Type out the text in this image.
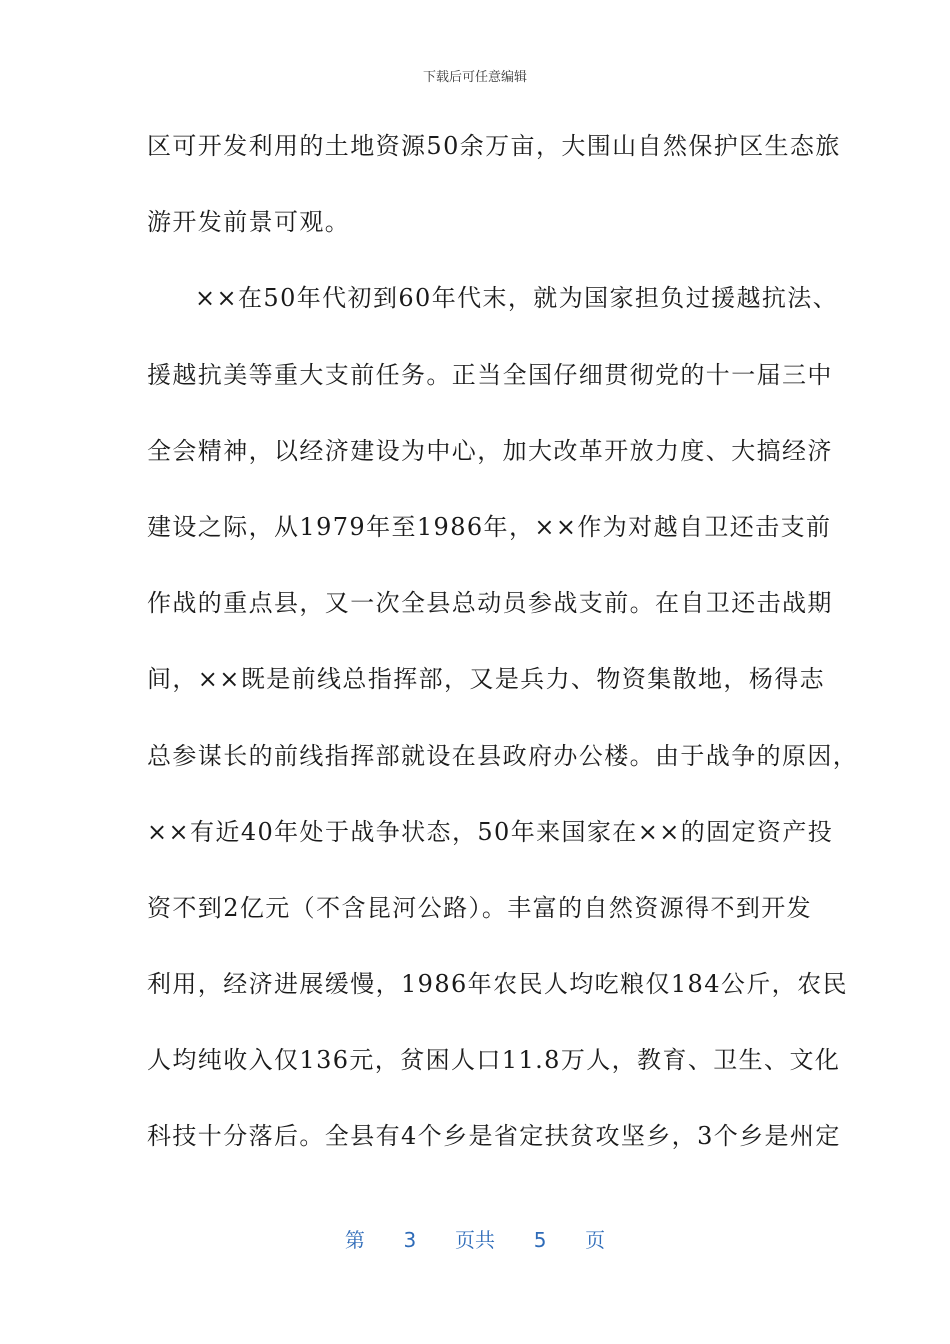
下载后可任意编辑
区可开发利用的土地资源50余万亩，大围山自然保护区生态旅
游开发前景可观。
××在50年代初到60年代末，就为国家担负过援越抗法、
援越抗美等重大支前任务。正当全国仔细贯彻党的十一届三中
全会精神，以经济建设为中心，加大改革开放力度、大搞经济
建设之际，从1979年至1986年，××作为对越自卫还击支前
作战的重点县，又一次全县总动员参战支前。在自卫还击战期
间，××既是前线总指挥部，又是兵力、物资集散地，杨得志
总参谋长的前线指挥部就设在县政府办公楼。由于战争的原因，
××有近40年处于战争状态，50年来国家在××的固定资产投
资不到2亿元（不含昆河公路）。丰富的自然资源得不到开发
利用，经济进展缓慢，1986年农民人均吃粮仅184公斤，农民
人均纯收入仅136元，贫困人口11.8万人，教育、卫生、文化
科技十分落后。全县有4个乡是省定扶贫攻坚乡，3个乡是州定
第 3 页共 5 页
